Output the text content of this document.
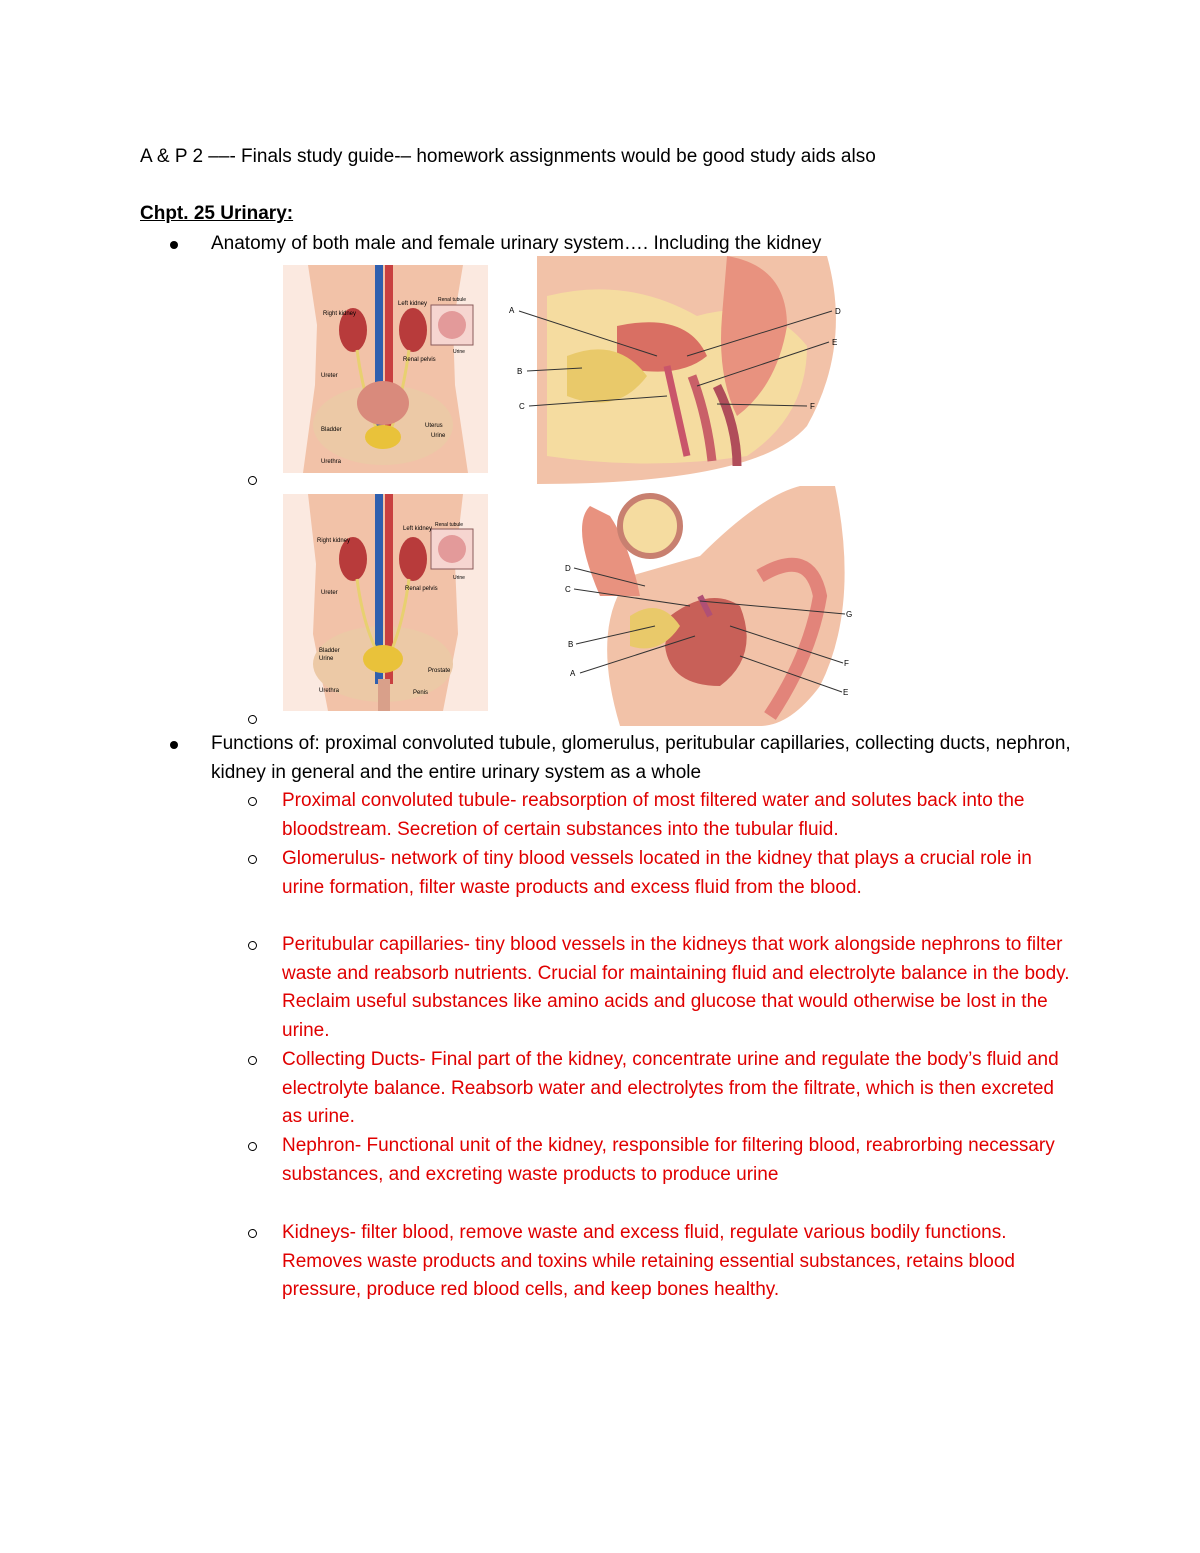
A & P 2 ––- Finals study guide-– homework assignments would be good study aids also
Chpt. 25 Urinary:
Anatomy of both male and female urinary system…. Including the kidney
Right kidney
Left kidney
Renal tubule
Urine
Ureter
Renal pelvis
Uterus
Bladder
Urine
Urethra
A
B
C
D
E
F
Left kidney
Renal tubule
Right kidney
Urine
Ureter
Renal pelvis
Bladder
Urine
Prostate
Urethra	Penis
D
C
B
A
G
F
E
Functions of: proximal convoluted tubule, glomerulus, peritubular capillaries, collecting ducts, nephron, kidney in general and the entire urinary system as a whole
Proximal convoluted tubule- reabsorption of most filtered water and solutes back into the bloodstream. Secretion of certain substances into the tubular fluid.
Glomerulus- network of tiny blood vessels located in the kidney that plays a crucial role in urine formation, filter waste products and excess fluid from the blood.
Peritubular capillaries- tiny blood vessels in the kidneys that work alongside nephrons to filter waste and reabsorb nutrients. Crucial for maintaining fluid and electrolyte balance in the body. Reclaim useful substances like amino acids and glucose that would otherwise be lost in the urine.
Collecting Ducts- Final part of the kidney, concentrate urine and regulate the body’s fluid and electrolyte balance. Reabsorb water and electrolytes from the filtrate, which is then excreted as urine.
Nephron- Functional unit of the kidney, responsible for filtering blood, reabrorbing necessary substances, and excreting waste products to produce urine
Kidneys- filter blood, remove waste and excess fluid, regulate various bodily functions. Removes waste products and toxins while retaining essential substances, retains blood pressure, produce red blood cells, and keep bones healthy.
